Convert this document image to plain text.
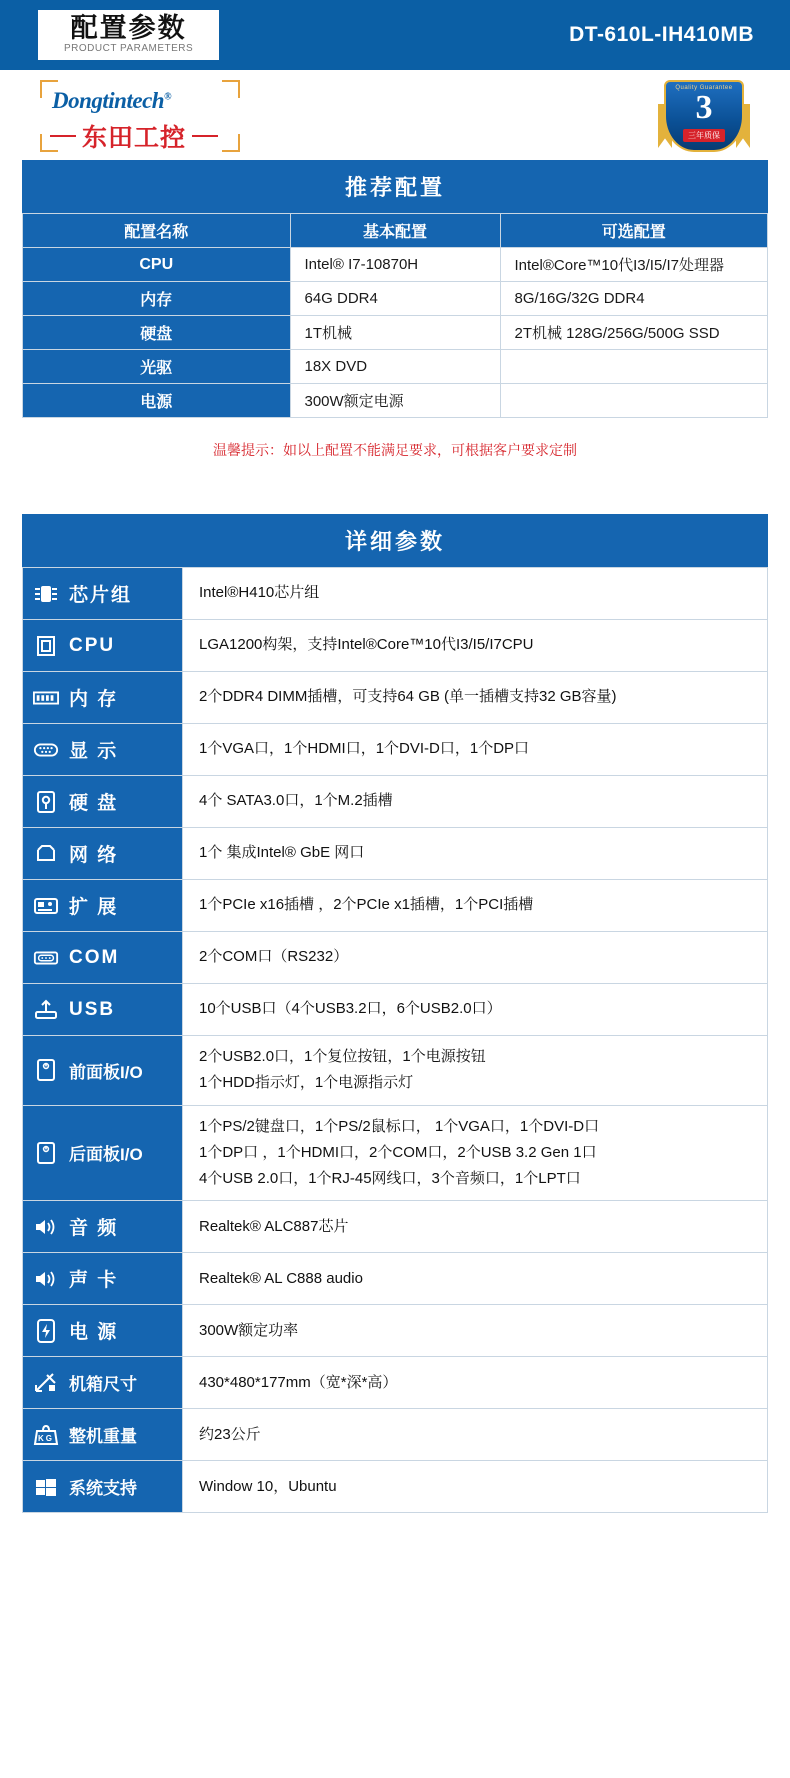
配置参数
PRODUCT PARAMETERS
DT-610L-IH410MB
Dongtintech®
东田工控
Quality Guarantee
3
三年质保
推荐配置
配置名称	基本配置	可选配置
CPU	Intel® I7-10870H	Intel®Core™10代I3/I5/I7处理器
内存	64G DDR4	8G/16G/32G DDR4
硬盘	1T机械	2T机械 128G/256G/500G SSD
光驱	18X DVD	
电源	300W额定电源	
温馨提示：如以上配置不能满足要求，可根据客户要求定制
详细参数
芯片组	Intel®H410芯片组

CPU	LGA1200构架，支持Intel®Core™10代I3/I5/I7CPU

内 存	2个DDR4 DIMM插槽，可支持64 GB (单一插槽支持32 GB容量)

显 示	1个VGA口，1个HDMI口，1个DVI-D口，1个DP口

硬 盘	4个 SATA3.0口，1个M.2插槽

网 络	1个 集成Intel® GbE 网口

扩 展	1个PCIe x16插槽 ，2个PCIe x1插槽，1个PCI插槽

COM	2个COM口（RS232）

USB	10个USB口（4个USB3.2口，6个USB2.0口）

前面板I/O	2个USB2.0口，1个复位按钮，1个电源按钮
1个HDD指示灯，1个电源指示灯

后面板I/O	1个PS/2键盘口，1个PS/2鼠标口， 1个VGA口，1个DVI-D口
1个DP口 ，1个HDMI口，2个COM口，2个USB 3.2 Gen 1口
4个USB 2.0口，1个RJ-45网线口，3个音频口，1个LPT口

音 频	Realtek® ALC887芯片

声 卡	Realtek® AL C888 audio

电 源	300W额定功率

机箱尺寸	430*480*177mm（宽*深*高）

KG 整机重量	约23公斤

系统支持	Window 10，Ubuntu
